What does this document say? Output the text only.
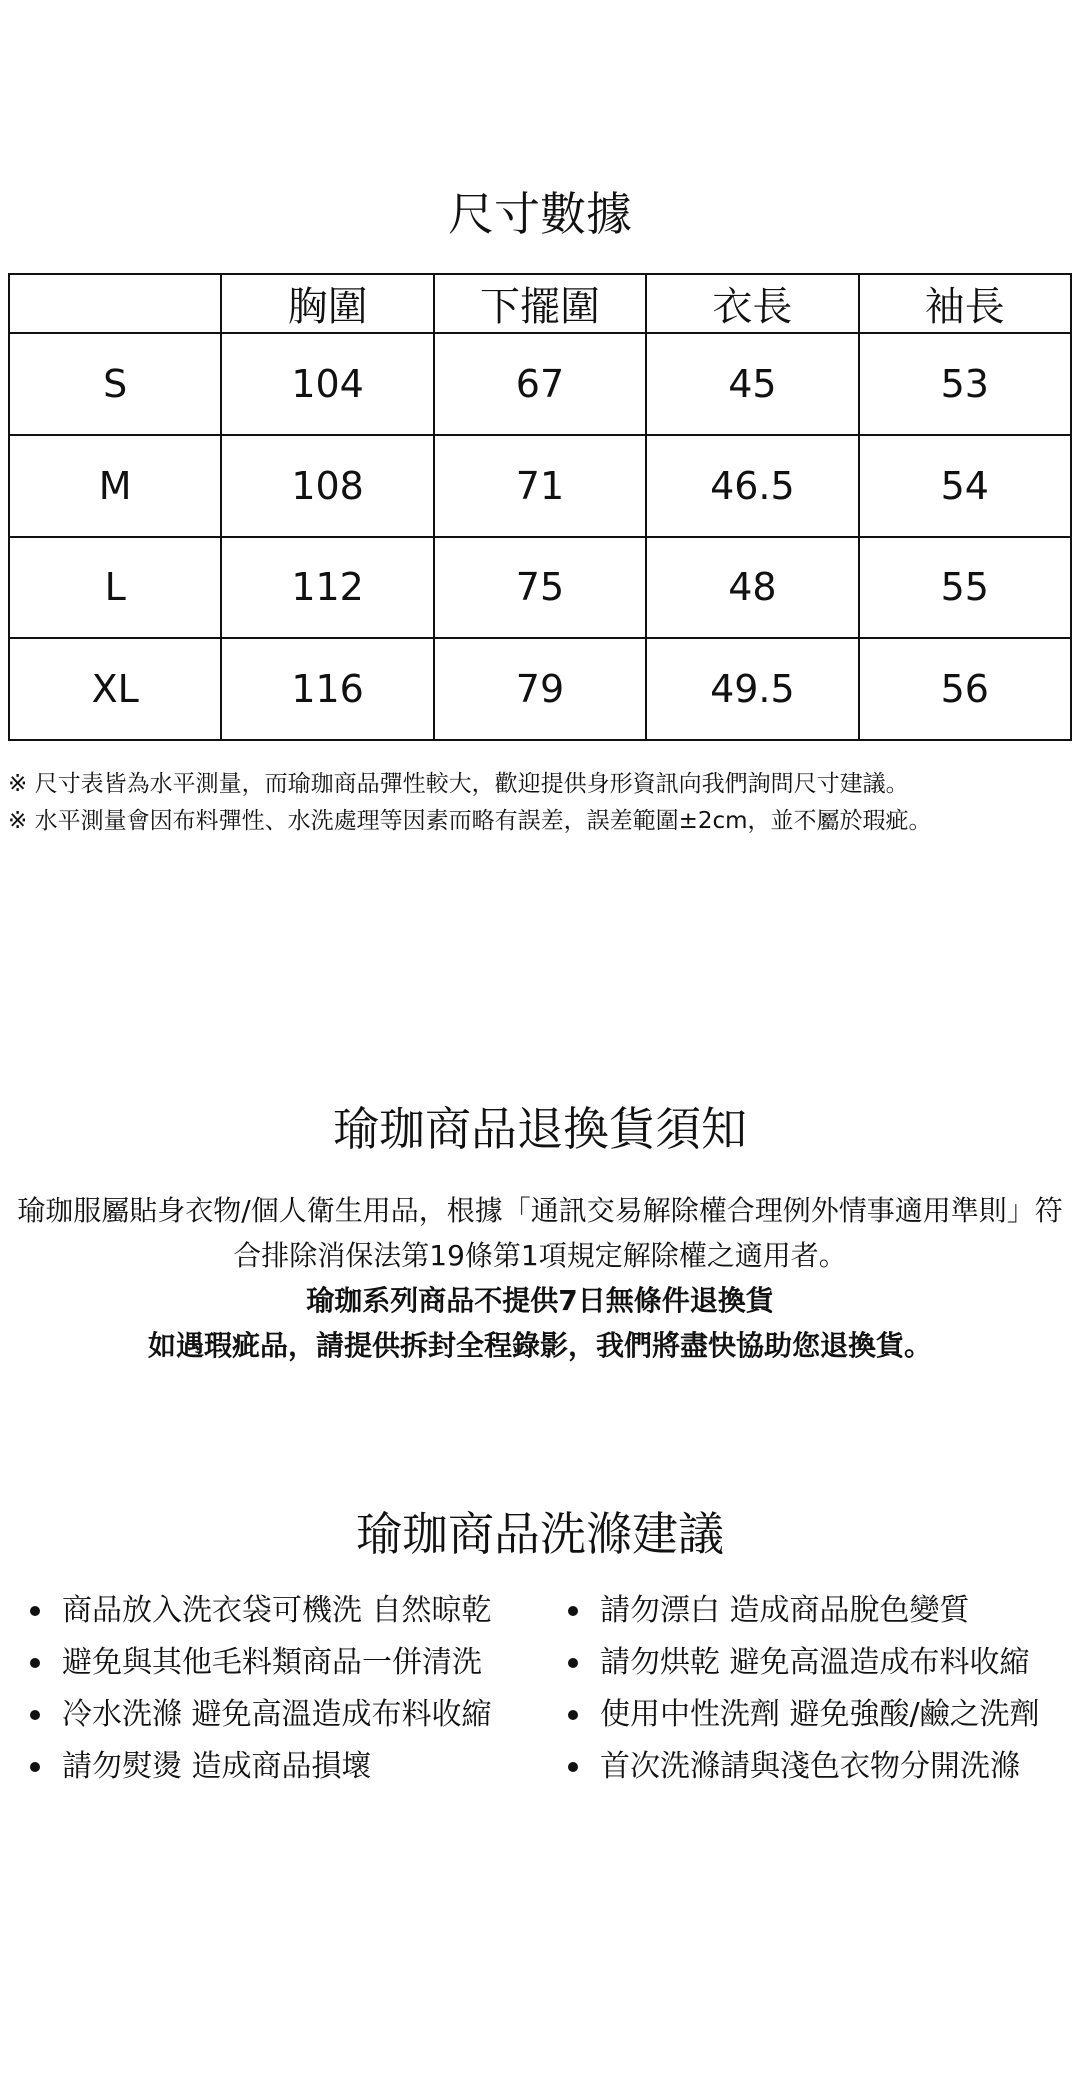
尺寸數據
	胸圍	下擺圍	衣長	袖長
S	104	67	45	53
M	108	71	46.5	54
L	112	75	48	55
XL	116	79	49.5	56
※ 尺寸表皆為水平測量，而瑜珈商品彈性較大，歡迎提供身形資訊向我們詢問尺寸建議。
※ 水平測量會因布料彈性、水洗處理等因素而略有誤差，誤差範圍±2cm，並不屬於瑕疵。
瑜珈商品退換貨須知

瑜珈服屬貼身衣物/個人衛生用品，根據「通訊交易解除權合理例外情事適用準則」符合排除消保法第19條第1項規定解除權之適用者。

瑜珈系列商品不提供7日無條件退換貨

如遇瑕疵品，請提供拆封全程錄影，我們將盡快協助您退換貨。

瑜珈商品洗滌建議
商品放入洗衣袋可機洗 自然晾乾	請勿漂白 造成商品脫色變質
避免與其他毛料類商品一併清洗	請勿烘乾 避免高溫造成布料收縮
冷水洗滌 避免高溫造成布料收縮	使用中性洗劑 避免強酸/鹼之洗劑
請勿熨燙 造成商品損壞	首次洗滌請與淺色衣物分開洗滌
